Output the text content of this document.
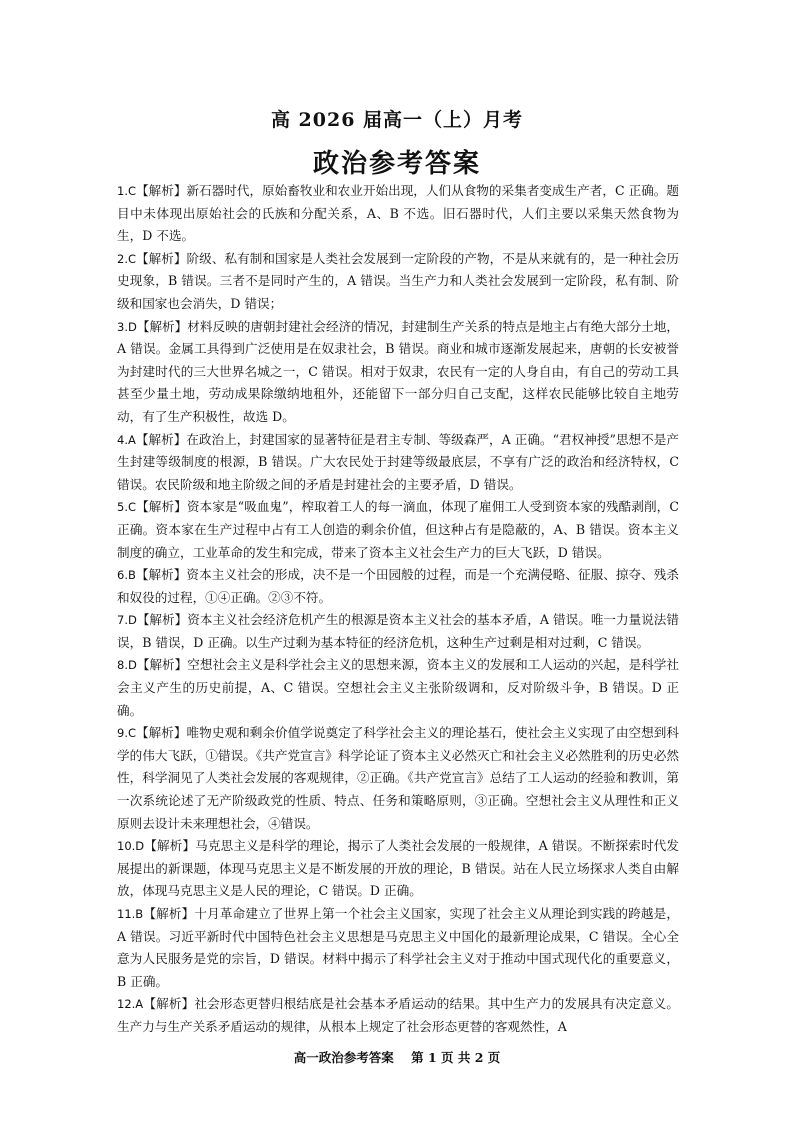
高 2026 届高一（上）月考
政治参考答案

1.C【解析】新石器时代，原始畜牧业和农业开始出现，人们从食物的采集者变成生产者，C 正确。题目中未体现出原始社会的氏族和分配关系，A、B 不选。旧石器时代，人们主要以采集天然食物为生，D 不选。

2.C【解析】阶级、私有制和国家是人类社会发展到一定阶段的产物，不是从来就有的，是一种社会历史现象，B 错误。三者不是同时产生的，A 错误。当生产力和人类社会发展到一定阶段，私有制、阶级和国家也会消失，D 错误；

3.D【解析】材料反映的唐朝封建社会经济的情况，封建制生产关系的特点是地主占有绝大部分土地，A 错误。金属工具得到广泛使用是在奴隶社会，B 错误。商业和城市逐渐发展起来，唐朝的长安被誉为封建时代的三大世界名城之一，C 错误。相对于奴隶，农民有一定的人身自由，有自己的劳动工具甚至少量土地，劳动成果除缴纳地租外，还能留下一部分归自己支配，这样农民能够比较自主地劳动，有了生产积极性，故选 D。

4.A【解析】在政治上，封建国家的显著特征是君主专制、等级森严，A 正确。“君权神授”思想不是产生封建等级制度的根源，B 错误。广大农民处于封建等级最底层，不享有广泛的政治和经济特权，C 错误。农民阶级和地主阶级之间的矛盾是封建社会的主要矛盾，D 错误。

5.C【解析】资本家是“吸血鬼”，榨取着工人的每一滴血，体现了雇佣工人受到资本家的残酷剥削，C 正确。资本家在生产过程中占有工人创造的剩余价值，但这种占有是隐蔽的，A、B 错误。资本主义制度的确立，工业革命的发生和完成，带来了资本主义社会生产力的巨大飞跃，D 错误。

6.B【解析】资本主义社会的形成，决不是一个田园般的过程，而是一个充满侵略、征服、掠夺、残杀和奴役的过程，①④正确。②③不符。

7.D【解析】资本主义社会经济危机产生的根源是资本主义社会的基本矛盾，A 错误。唯一力量说法错误，B 错误，D 正确。以生产过剩为基本特征的经济危机，这种生产过剩是相对过剩，C 错误。

8.D【解析】空想社会主义是科学社会主义的思想来源，资本主义的发展和工人运动的兴起，是科学社会主义产生的历史前提，A、C 错误。空想社会主义主张阶级调和，反对阶级斗争，B 错误。D 正确。

9.C【解析】唯物史观和剩余价值学说奠定了科学社会主义的理论基石，使社会主义实现了由空想到科学的伟大飞跃，①错误。《共产党宣言》科学论证了资本主义必然灭亡和社会主义必然胜利的历史必然性，科学洞见了人类社会发展的客观规律，②正确。《共产党宣言》总结了工人运动的经验和教训，第一次系统论述了无产阶级政党的性质、特点、任务和策略原则，③正确。空想社会主义从理性和正义原则去设计未来理想社会，④错误。

10.D【解析】马克思主义是科学的理论，揭示了人类社会发展的一般规律，A 错误。不断探索时代发展提出的新课题，体现马克思主义是不断发展的开放的理论，B 错误。站在人民立场探求人类自由解放，体现马克思主义是人民的理论，C 错误。D 正确。

11.B【解析】十月革命建立了世界上第一个社会主义国家，实现了社会主义从理论到实践的跨越是，A 错误。习近平新时代中国特色社会主义思想是马克思主义中国化的最新理论成果，C 错误。全心全意为人民服务是党的宗旨，D 错误。材料中揭示了科学社会主义对于推动中国式现代化的重要意义，B 正确。

12.A【解析】社会形态更替归根结底是社会基本矛盾运动的结果。其中生产力的发展具有决定意义。生产力与生产关系矛盾运动的规律，从根本上规定了社会形态更替的客观然性，A

高一政治参考答案 第 1 页 共 2 页
